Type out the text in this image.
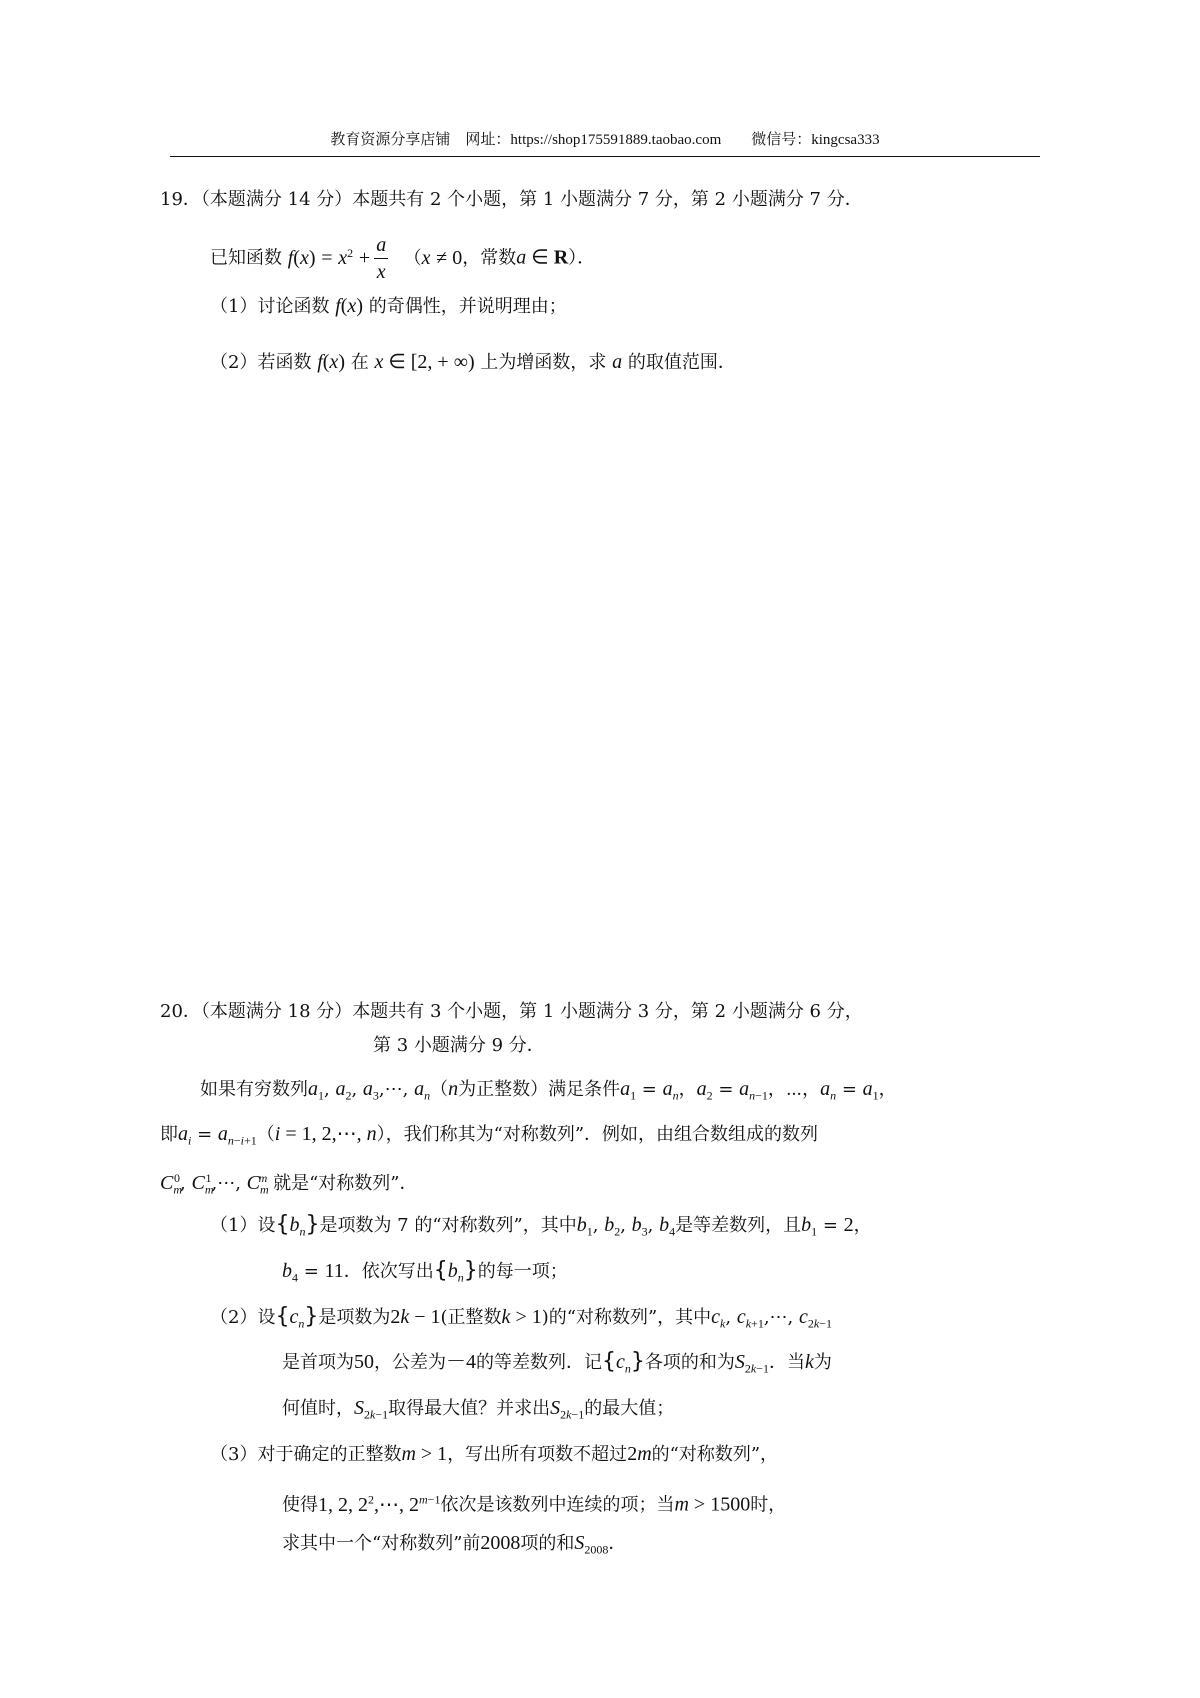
教育资源分享店铺　网址：https://shop175591889.taobao.com　　微信号：kingcsa333
19．（本题满分 14 分）本题共有 2 个小题，第 1 小题满分 7 分，第 2 小题满分 7 分．
已知函数 $f(x) = x^2 + \frac{a}{x} (x \ne 0$，常数a ∈ R）．
（1）讨论函数 f(x) 的奇偶性，并说明理由；
（2）若函数 f(x) 在 x ∈ [2, + ∞) 上为增函数，求 a 的取值范围．
20．（本题满分 18 分）本题共有 3 个小题，第 1 小题满分 3 分，第 2 小题满分 6 分，
第 3 小题满分 9 分．
如果有穷数列$a_1$, $a_2$, $a_3,\cdots$, $a_n(n$为正整数）满足条件$a_1 = a_n$，$a_2 = a_{n-1}$，⋯，$a_n = a_1$，
即$a_i = a_{n-i+1}(i = 1$, 2,⋯, n），我们称其为“对称数列”．例如，由组合数组成的数列
$C_m^0$, $C_m^1,\cdots$, $C_m^m$ 就是“对称数列”．
（1）设$\{b_n\}$是项数为 7 的“对称数列”，其中$b_1$, $b_2$, $b_3$, $b_4$是等差数列，且$b_1 = 2$，
$b_4 = 11$．依次写出$\{b_n\}$的每一项；
（2）设$\{c_n\}$是项数为2k − 1(正整数k > 1)的“对称数列”，其中$c_k$, $c_{k+1},\cdots$, $c_{2k-1}$
是首项为50，公差为－4的等差数列．记$\{c_n\}$各项的和为$S_{2k-1}$．当k为
何值时，$S_{2k-1}$取得最大值？并求出$S_{2k-1}$的最大值；
（3）对于确定的正整数m > 1，写出所有项数不超过2m的“对称数列”，
使得1, 2, $2^2,\cdots$, $2^{m-1}$依次是该数列中连续的项；当m > 1500时，
求其中一个“对称数列”前2008项的和$S_{2008}$．
